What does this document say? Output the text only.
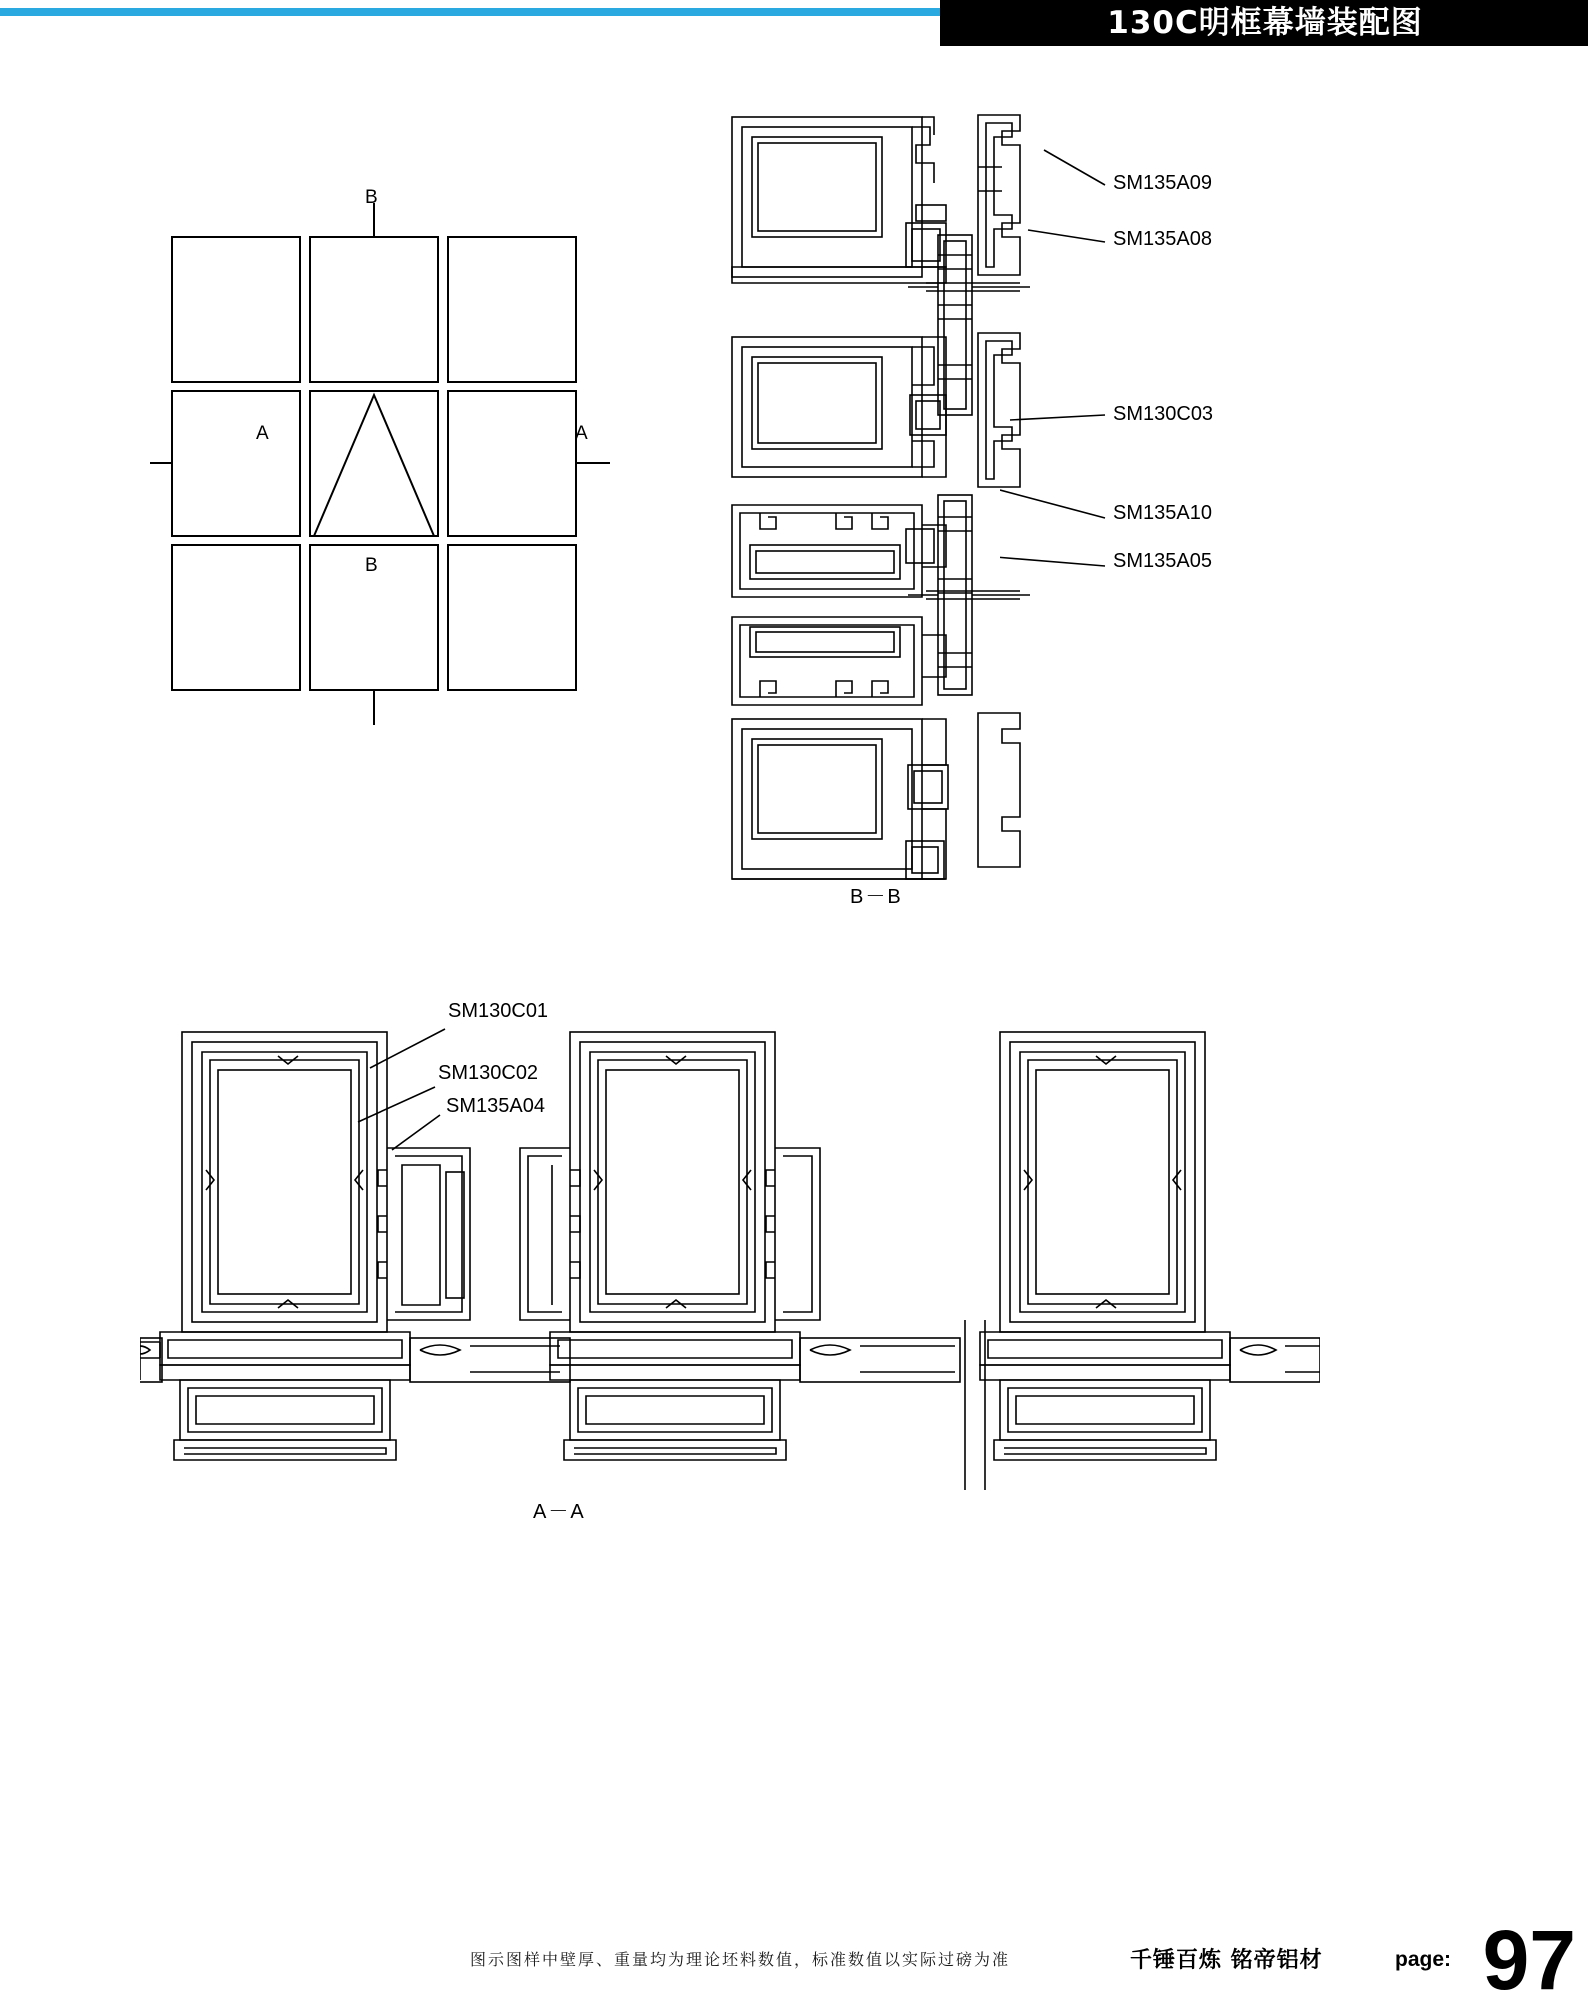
130C明框幕墙装配图
B
B
A	A
SM135A09
SM135A08
SM130C03
SM135A10
SM135A05
B－B
SM130C01
SM130C02
SM135A04
A－A
图示图样中壁厚、重量均为理论坯料数值，标准数值以实际过磅为准	千锤百炼 铭帝铝材	page: 97
